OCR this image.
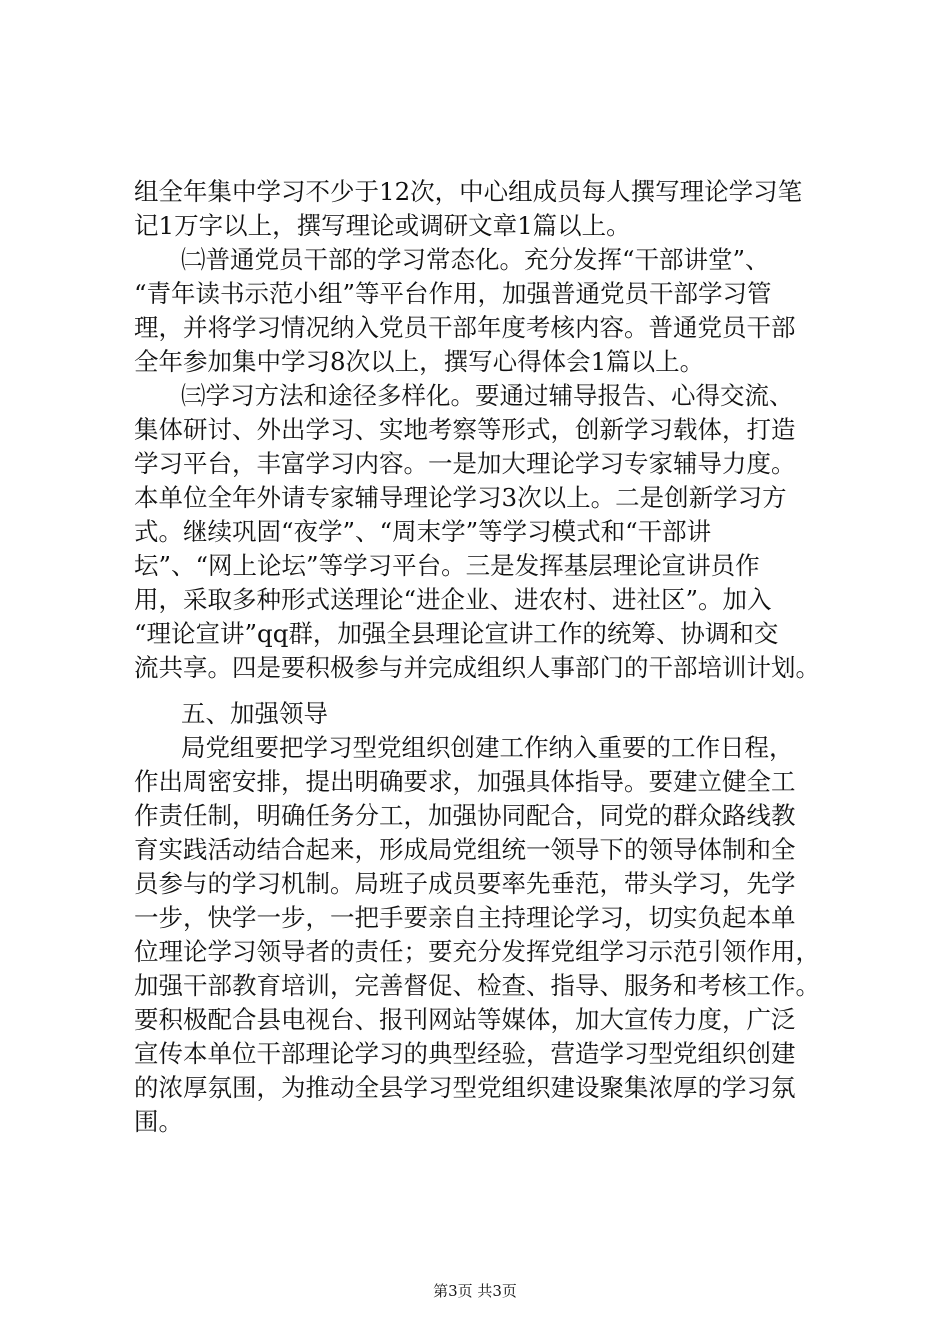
组全年集中学习不少于12次，中心组成员每人撰写理论学习笔
记1万字以上，撰写理论或调研文章1篇以上。
㈡普通党员干部的学习常态化。充分发挥“干部讲堂”、
“青年读书示范小组”等平台作用，加强普通党员干部学习管
理，并将学习情况纳入党员干部年度考核内容。普通党员干部
全年参加集中学习8次以上，撰写心得体会1篇以上。
㈢学习方法和途径多样化。要通过辅导报告、心得交流、
集体研讨、外出学习、实地考察等形式，创新学习载体，打造
学习平台，丰富学习内容。一是加大理论学习专家辅导力度。
本单位全年外请专家辅导理论学习3次以上。二是创新学习方
式。继续巩固“夜学”、“周末学”等学习模式和“干部讲
坛”、“网上论坛”等学习平台。三是发挥基层理论宣讲员作
用，采取多种形式送理论“进企业、进农村、进社区”。加入
“理论宣讲”qq群，加强全县理论宣讲工作的统筹、协调和交
流共享。四是要积极参与并完成组织人事部门的干部培训计划。
五、加强领导
局党组要把学习型党组织创建工作纳入重要的工作日程，
作出周密安排，提出明确要求，加强具体指导。要建立健全工
作责任制，明确任务分工，加强协同配合，同党的群众路线教
育实践活动结合起来，形成局党组统一领导下的领导体制和全
员参与的学习机制。局班子成员要率先垂范，带头学习，先学
一步，快学一步，一把手要亲自主持理论学习，切实负起本单
位理论学习领导者的责任；要充分发挥党组学习示范引领作用，
加强干部教育培训，完善督促、检查、指导、服务和考核工作。
要积极配合县电视台、报刊网站等媒体，加大宣传力度，广泛
宣传本单位干部理论学习的典型经验，营造学习型党组织创建
的浓厚氛围，为推动全县学习型党组织建设聚集浓厚的学习氛
围。
第3页 共3页
